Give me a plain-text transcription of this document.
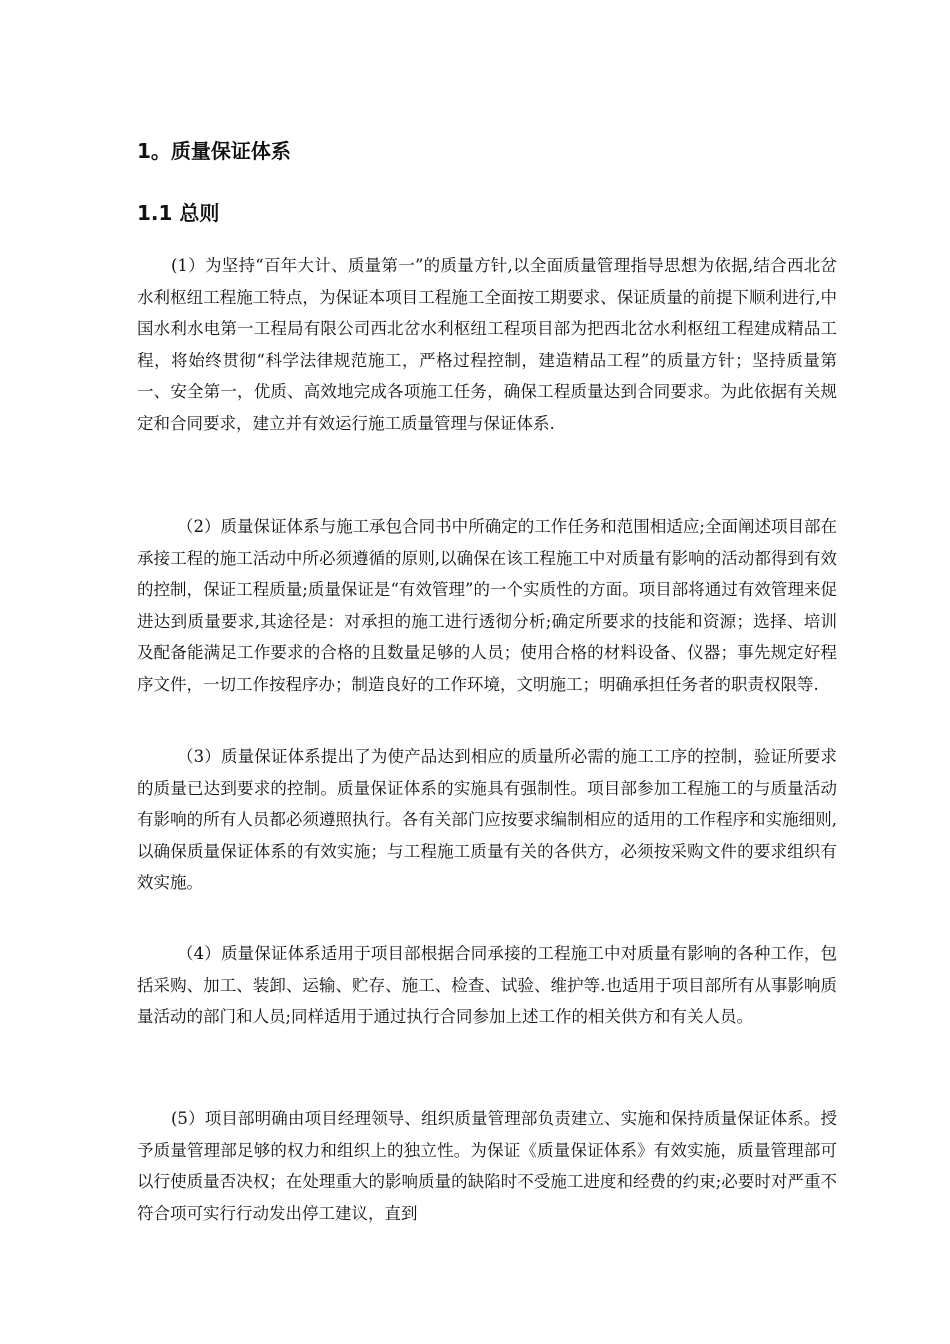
1。质量保证体系
1.1 总则

(1）为坚持“百年大计、质量第一”的质量方针,以全面质量管理指导思想为依据,结合西北岔水利枢纽工程施工特点，为保证本项目工程施工全面按工期要求、保证质量的前提下顺利进行,中国水利水电第一工程局有限公司西北岔水利枢纽工程项目部为把西北岔水利枢纽工程建成精品工程，将始终贯彻“科学法律规范施工，严格过程控制，建造精品工程”的质量方针；坚持质量第一、安全第一，优质、高效地完成各项施工任务，确保工程质量达到合同要求。为此依据有关规定和合同要求，建立并有效运行施工质量管理与保证体系.

（2）质量保证体系与施工承包合同书中所确定的工作任务和范围相适应;全面阐述项目部在承接工程的施工活动中所必须遵循的原则,以确保在该工程施工中对质量有影响的活动都得到有效的控制，保证工程质量;质量保证是“有效管理”的一个实质性的方面。项目部将通过有效管理来促进达到质量要求,其途径是：对承担的施工进行透彻分析;确定所要求的技能和资源；选择、培训及配备能满足工作要求的合格的且数量足够的人员；使用合格的材料设备、仪器；事先规定好程序文件，一切工作按程序办；制造良好的工作环境，文明施工；明确承担任务者的职责权限等.

（3）质量保证体系提出了为使产品达到相应的质量所必需的施工工序的控制，验证所要求的质量已达到要求的控制。质量保证体系的实施具有强制性。项目部参加工程施工的与质量活动有影响的所有人员都必须遵照执行。各有关部门应按要求编制相应的适用的工作程序和实施细则,以确保质量保证体系的有效实施；与工程施工质量有关的各供方，必须按采购文件的要求组织有效实施。

（4）质量保证体系适用于项目部根据合同承接的工程施工中对质量有影响的各种工作，包括采购、加工、装卸、运输、贮存、施工、检查、试验、维护等.也适用于项目部所有从事影响质量活动的部门和人员;同样适用于通过执行合同参加上述工作的相关供方和有关人员。

(5）项目部明确由项目经理领导、组织质量管理部负责建立、实施和保持质量保证体系。授予质量管理部足够的权力和组织上的独立性。为保证《质量保证体系》有效实施，质量管理部可以行使质量否决权；在处理重大的影响质量的缺陷时不受施工进度和经费的约束;必要时对严重不符合项可实行行动发出停工建议，直到
